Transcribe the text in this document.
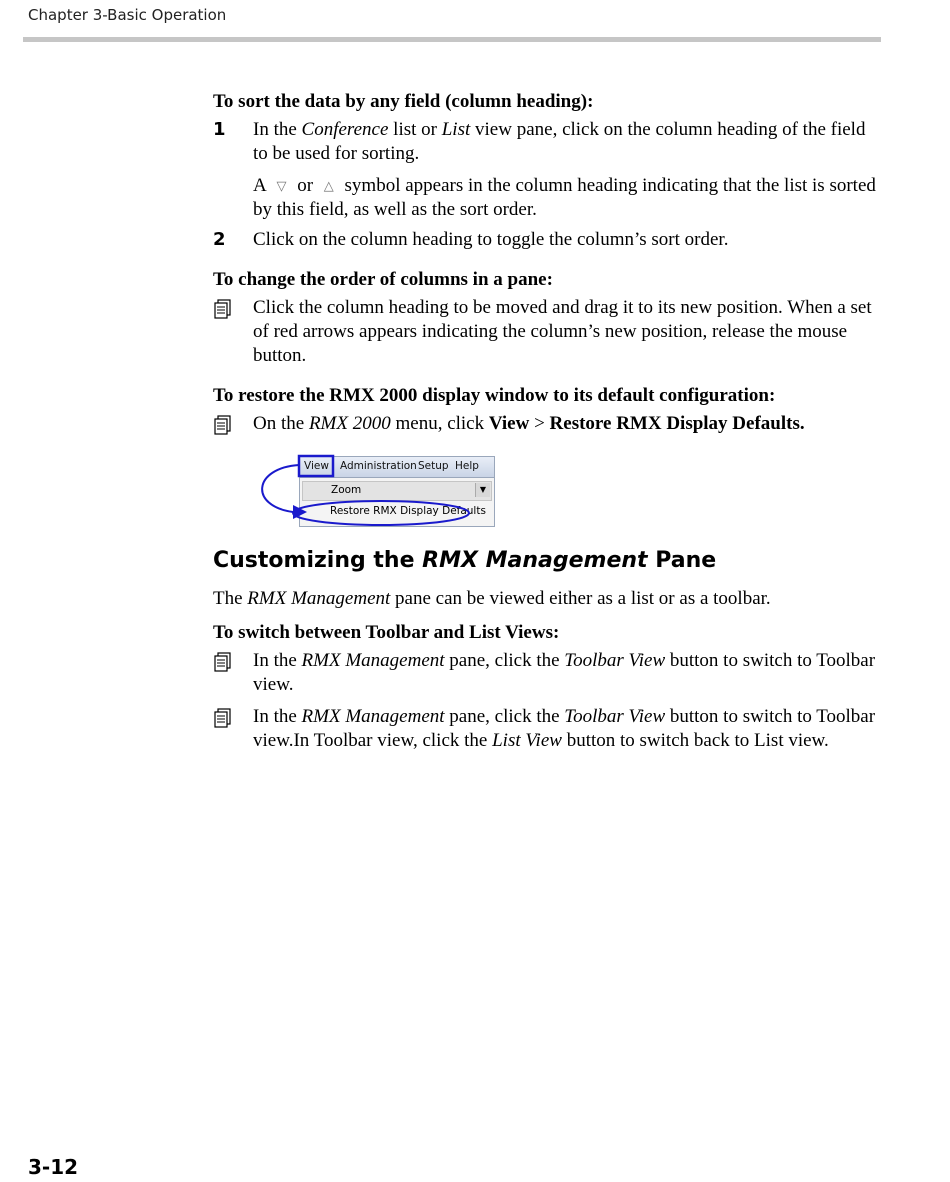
Chapter 3-Basic Operation
To sort the data by any field (column heading):
1	In the Conference list or List view pane, click on the column heading of the field to be used for sorting.
A ▽ or △ symbol appears in the column heading indicating that the list is sorted by this field, as well as the sort order.
2	Click on the column heading to toggle the column’s sort order.
To change the order of columns in a pane:
Click the column heading to be moved and drag it to its new position. When a set of red arrows appears indicating the column’s new position, release the mouse button.
To restore the RMX 2000 display window to its default configuration:
On the RMX 2000 menu, click View > Restore RMX Display Defaults.
View Administration Setup Help
Zoom	▼
Restore RMX Display Defaults
Customizing the RMX Management Pane
The RMX Management pane can be viewed either as a list or as a toolbar.
To switch between Toolbar and List Views:
In the RMX Management pane, click the Toolbar View button to switch to Toolbar view.
In the RMX Management pane, click the Toolbar View button to switch to Toolbar view.In Toolbar view, click the List View button to switch back to List view.
3-12
